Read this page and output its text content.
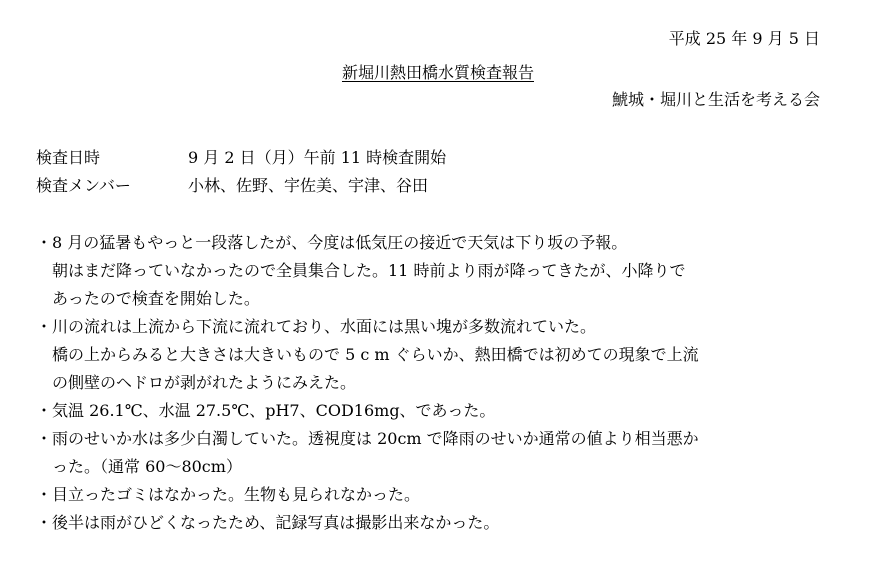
平成 25 年 9 月 5 日
新堀川熱田橋水質検査報告
鯱城・堀川と生活を考える会
検査日時	9 月 2 日（月）午前 11 時検査開始
検査メンバー	小林、佐野、宇佐美、宇津、谷田
・ 8 月の猛暑もやっと一段落したが、今度は低気圧の接近で天気は下り坂の予報。
朝はまだ降っていなかったので全員集合した。11 時前より雨が降ってきたが、小降りで
あったので検査を開始した。
・ 川の流れは上流から下流に流れており、水面には黒い塊が多数流れていた。
橋の上からみると大きさは大きいもので 5 c m ぐらいか、熱田橋では初めての現象で上流
の側壁のヘドロが剥がれたようにみえた。
・ 気温 26.1℃、水温 27.5℃、pH7、COD16mg、であった。
・ 雨のせいか水は多少白濁していた。透視度は 20cm で降雨のせいか通常の値より相当悪か
った。（通常 60～80cm）
・ 目立ったゴミはなかった。生物も見られなかった。
・ 後半は雨がひどくなったため、記録写真は撮影出来なかった。
